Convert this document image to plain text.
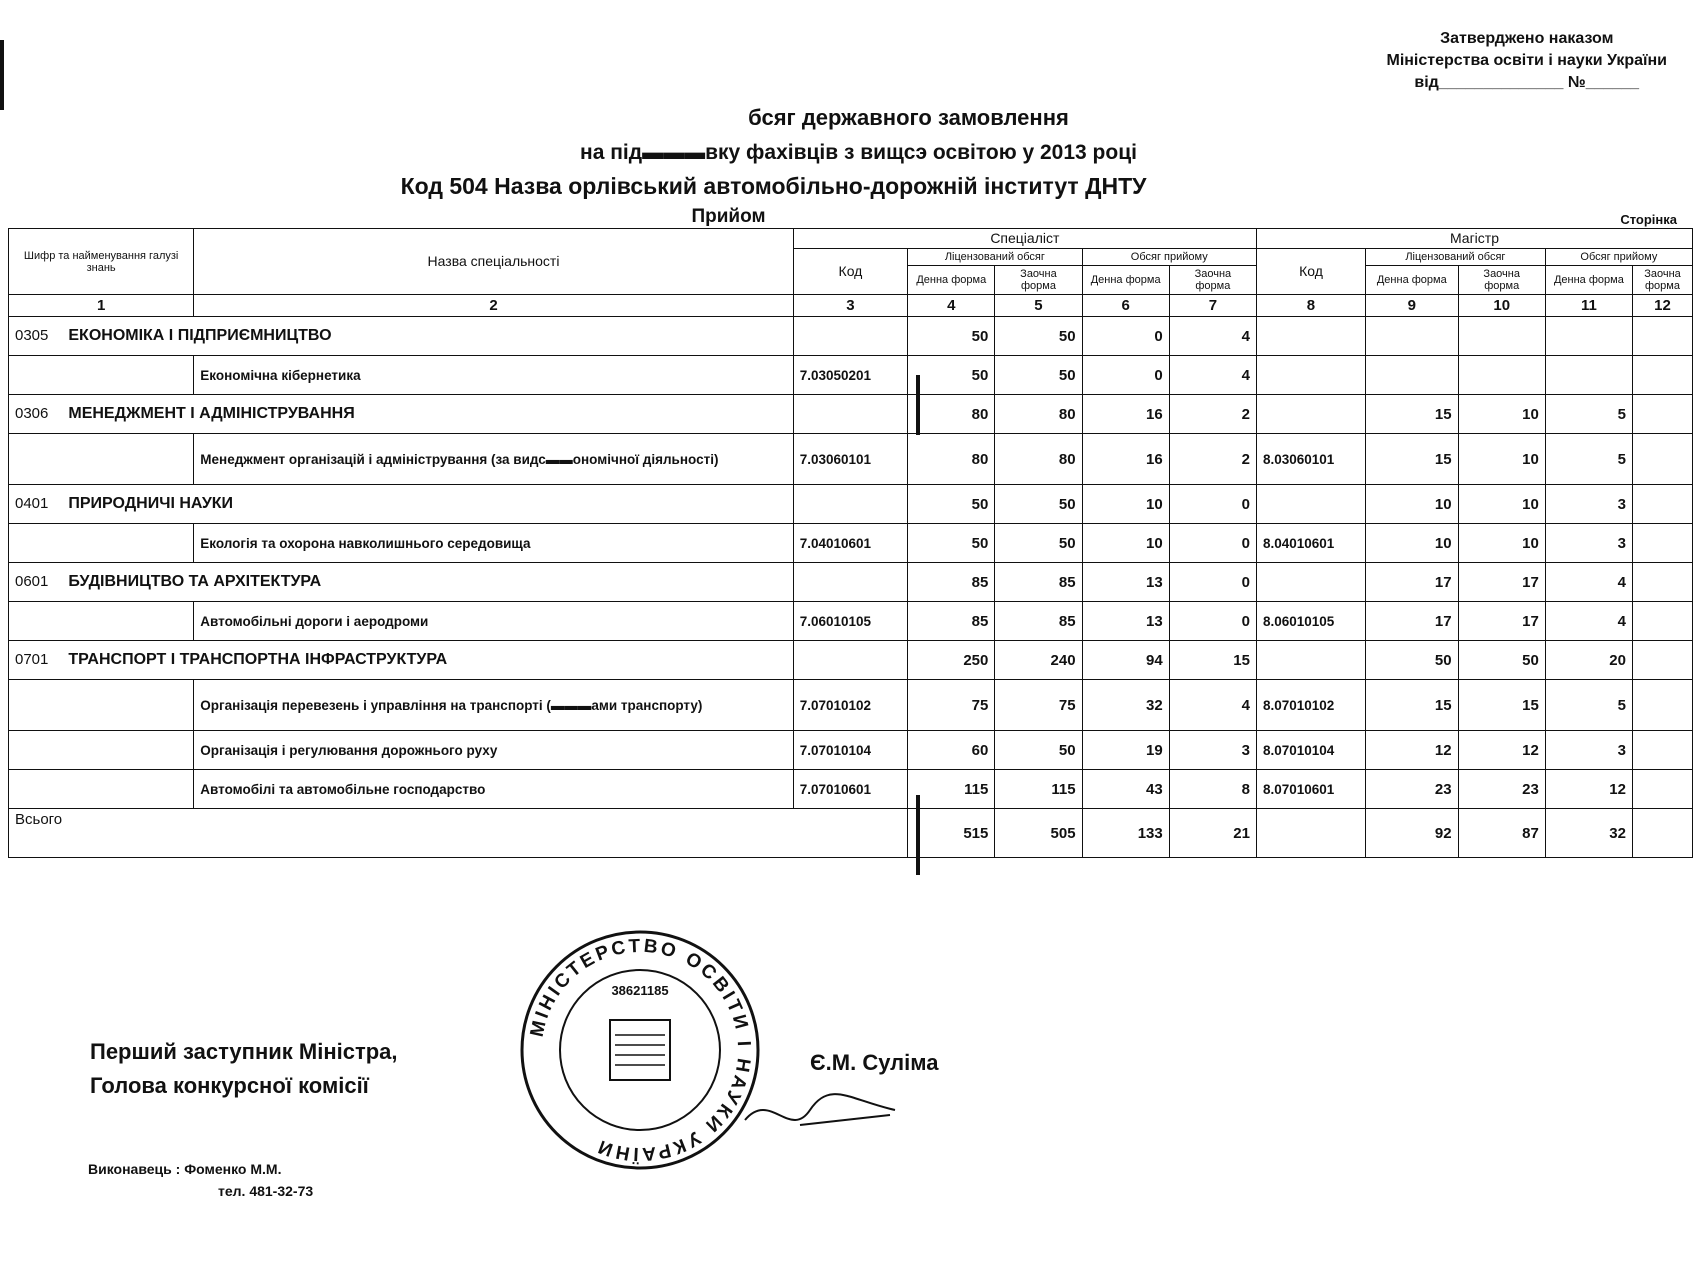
Затверджено наказом
Міністерства освіти і науки України
від______________ №______
бсяг державного замовлення
на під▬▬▬вку фахівців з вищсэ освітою у 2013 році
Код 504 Назва орлівський автомобільно-дорожній інститут ДНТУ
Прийом	Сторінка
Шифр та найменування галузі знань	Назва спеціальності	Спеціаліст					Магістр				
		Код	Ліцензований обсяг		Обсяг прийому		Код	Ліцензований обсяг		Обсяг прийому	
			Денна форма	Заочна форма	Денна форма	Заочна форма		Денна форма	Заочна форма	Денна форма	Заочна форма
1	2	3	4	5	6	7	8	9	10	11	12
0305 ЕКОНОМІКА І ПІДПРИЄМНИЦТВО			50	50	0	4					
	Економічна кібернетика	7.03050201	50	50	0	4					
0306 МЕНЕДЖМЕНТ І АДМІНІСТРУВАННЯ			80	80	16	2		15	10	5	
	Менеджмент організацій і адміністрування (за видс▬▬ономічної діяльності)	7.03060101	80	80	16	2	8.03060101	15	10	5	
0401 ПРИРОДНИЧІ НАУКИ			50	50	10	0		10	10	3	
	Екологія та охорона навколишнього середовища	7.04010601	50	50	10	0	8.04010601	10	10	3	
0601 БУДІВНИЦТВО ТА АРХІТЕКТУРА			85	85	13	0		17	17	4	
	Автомобільні дороги і аеродроми	7.06010105	85	85	13	0	8.06010105	17	17	4	
0701 ТРАНСПОРТ І ТРАНСПОРТНА ІНФРАСТРУКТУРА			250	240	94	15		50	50	20	
	Організація перевезень і управління на транспорті (▬▬▬ами транспорту)	7.07010102	75	75	32	4	8.07010102	15	15	5	
	Організація і регулювання дорожнього руху	7.07010104	60	50	19	3	8.07010104	12	12	3	
	Автомобілі та автомобільне господарство	7.07010601	115	115	43	8	8.07010601	23	23	12	
Всього			515	505	133	21		92	87	32	
МІНІСТЕРСТВО ОСВІТИ І НАУКИ УКРАЇНИ
38621185
Перший заступник Міністра,
Голова конкурсної комісії
Є.М. Суліма
Виконавець : Фоменко М.М.
тел. 481-32-73
